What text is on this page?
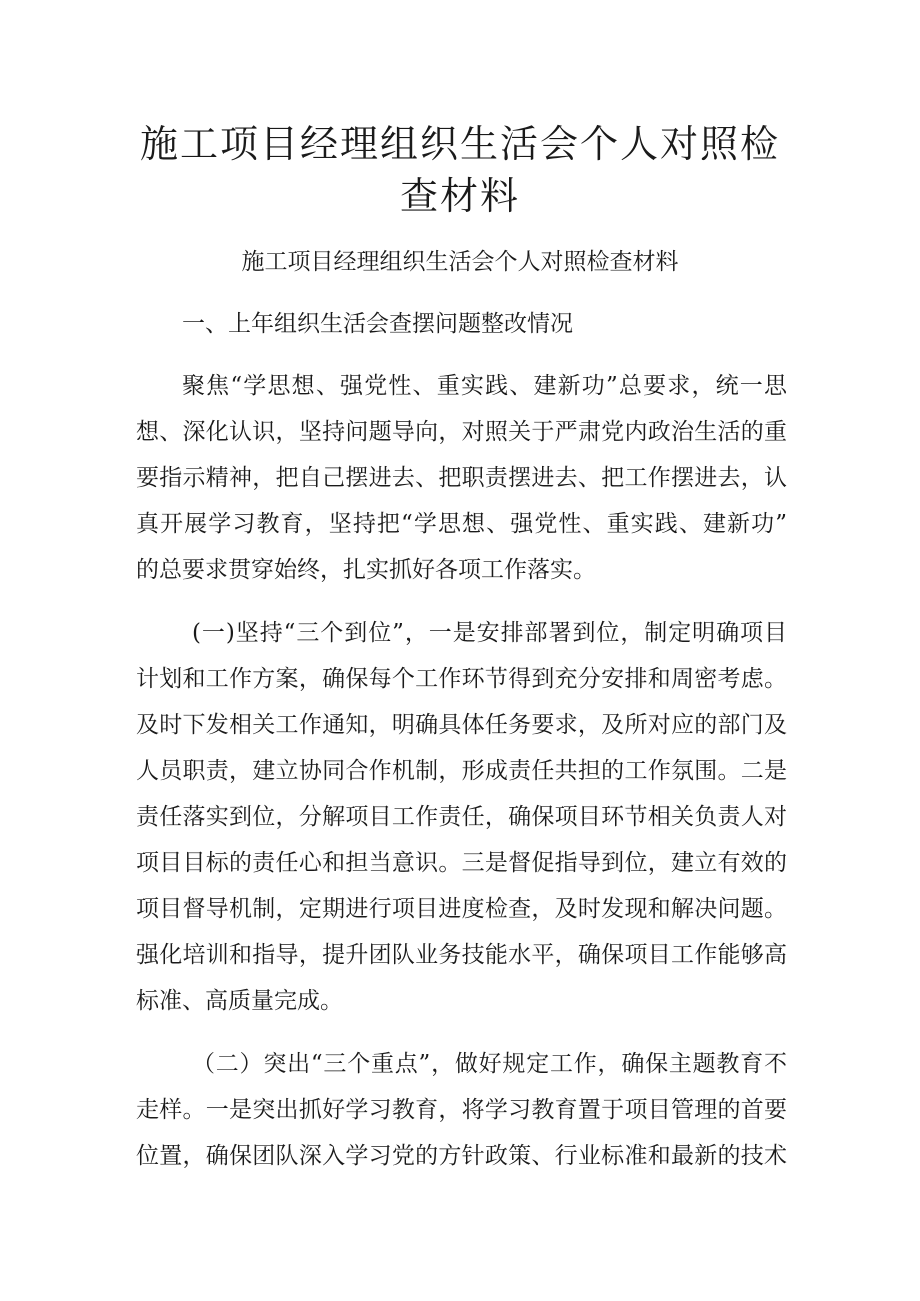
施工项目经理组织生活会个人对照检查材料

施工项目经理组织生活会个人对照检查材料

一、上年组织生活会查摆问题整改情况

聚焦“学思想、强党性、重实践、建新功”总要求，统一思

想、深化认识，坚持问题导向，对照关于严肃党内政治生活的重

要指示精神，把自己摆进去、把职责摆进去、把工作摆进去，认

真开展学习教育，坚持把“学思想、强党性、重实践、建新功”

的总要求贯穿始终，扎实抓好各项工作落实。

(一)坚持“三个到位”，一是安排部署到位，制定明确项目

计划和工作方案，确保每个工作环节得到充分安排和周密考虑。

及时下发相关工作通知，明确具体任务要求，及所对应的部门及

人员职责，建立协同合作机制，形成责任共担的工作氛围。二是

责任落实到位，分解项目工作责任，确保项目环节相关负责人对

项目目标的责任心和担当意识。三是督促指导到位，建立有效的

项目督导机制，定期进行项目进度检查，及时发现和解决问题。

强化培训和指导，提升团队业务技能水平，确保项目工作能够高

标准、高质量完成。

（二）突出“三个重点”，做好规定工作，确保主题教育不

走样。一是突出抓好学习教育，将学习教育置于项目管理的首要

位置，确保团队深入学习党的方针政策、行业标准和最新的技术
